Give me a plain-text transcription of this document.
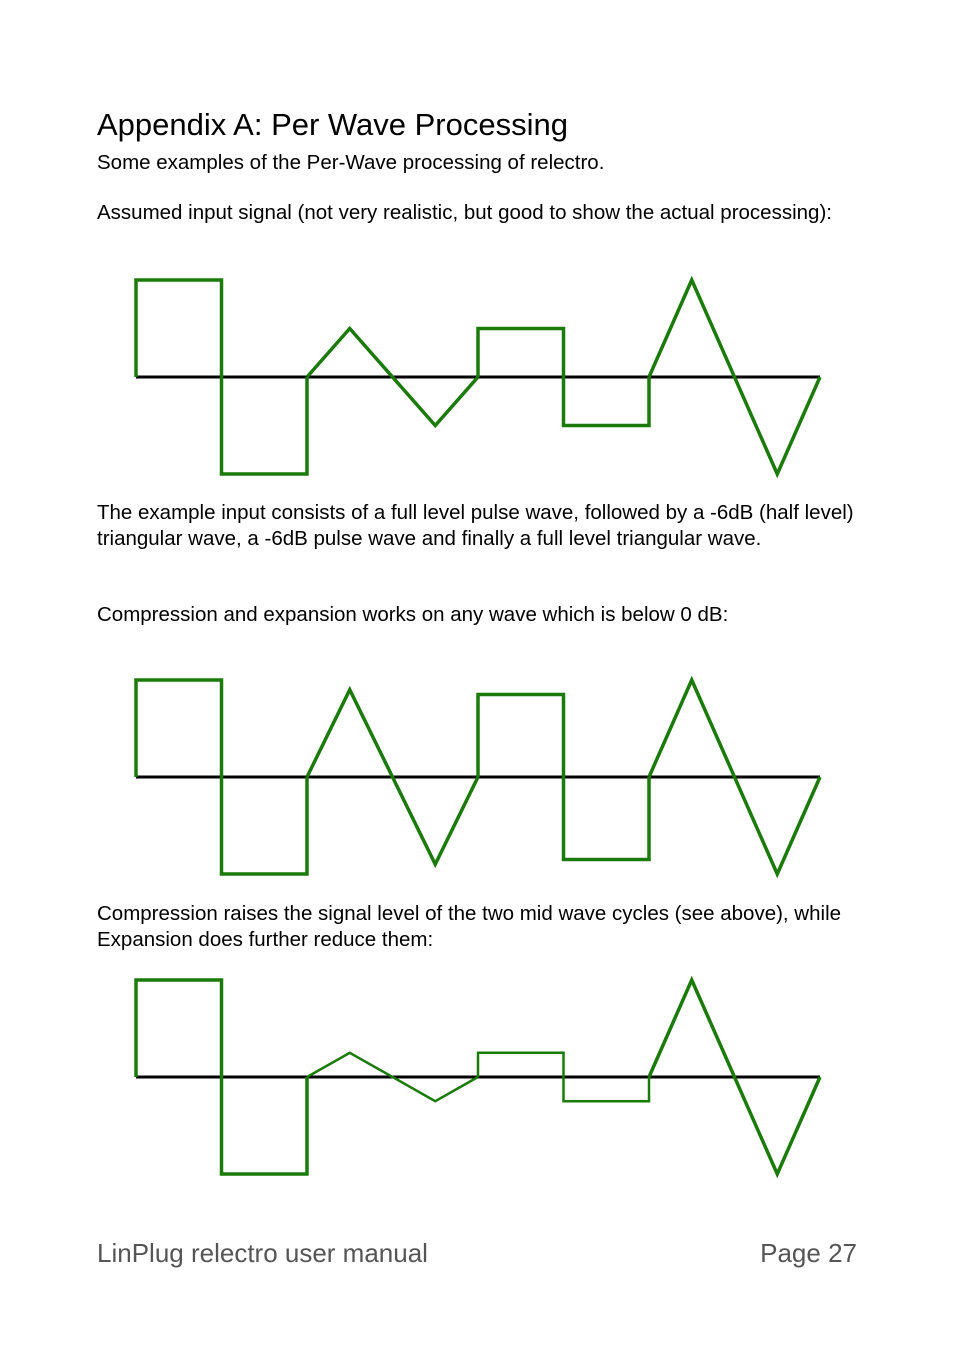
Appendix A: Per Wave Processing

Some examples of the Per-Wave processing of relectro.

Assumed input signal (not very realistic, but good to show the actual processing):

The example input consists of a full level pulse wave, followed by a -6dB (half level) triangular wave, a -6dB pulse wave and finally a full level triangular wave.

Compression and expansion works on any wave which is below 0 dB:

Compression raises the signal level of the two mid wave cycles (see above), while Expansion does further reduce them:

LinPlug relectro user manual	Page 27
